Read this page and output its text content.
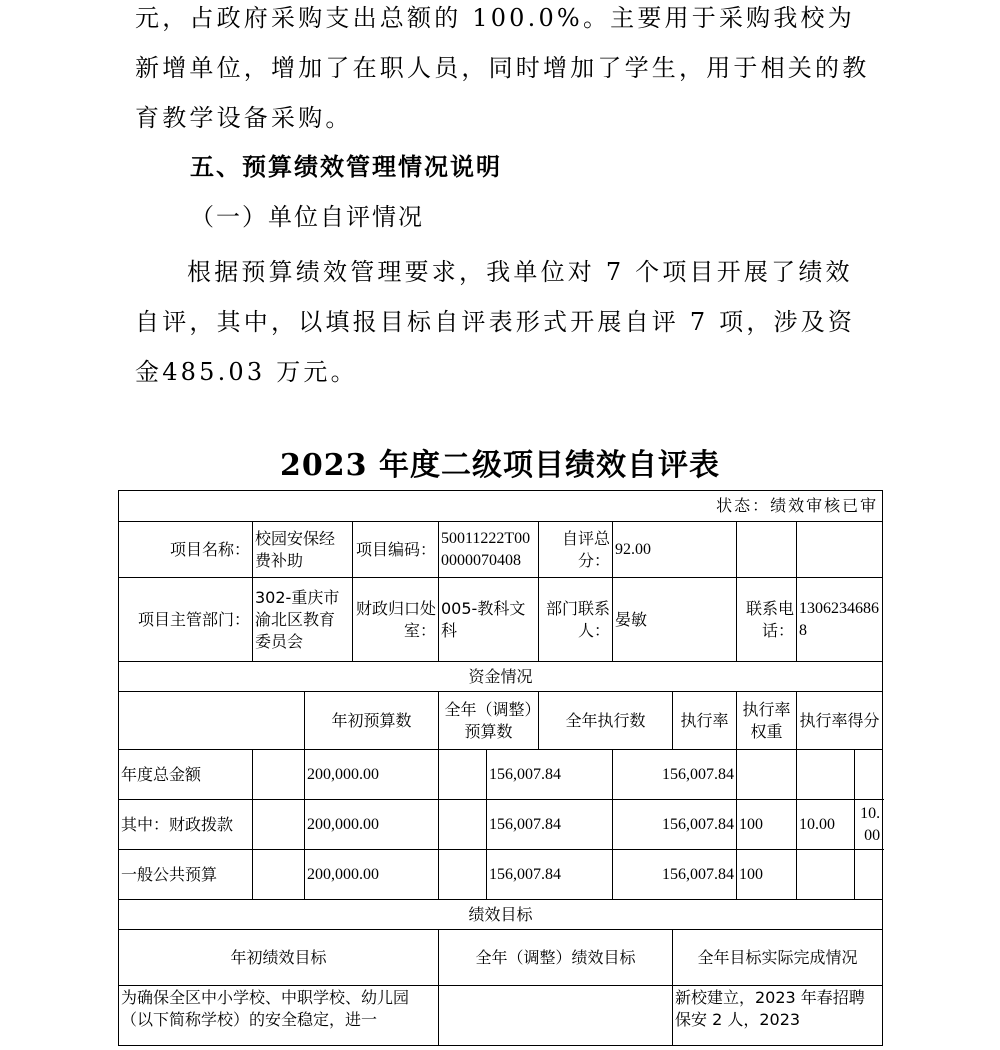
元，占政府采购支出总额的 100.0%。主要用于采购我校为新增单位，增加了在职人员，同时增加了学生，用于相关的教育教学设备采购。
五、预算绩效管理情况说明
（一）单位自评情况
根据预算绩效管理要求，我单位对 7 个项目开展了绩效自评，其中，以填报目标自评表形式开展自评 7 项，涉及资金485.03 万元。
2023 年度二级项目绩效自评表
状态：绩效审核已审											
项目名称：	校园安保经费补助		项目编码：	50011222T000000070408		自评总分：	92.00				
项目主管部门：	302-重庆市渝北区教育委员会		财政归口处室：	005-教科文科		部门联系人：	晏敏		联系电话：	13062346868	
资金情况											
		年初预算数		全年（调整）预算数		全年执行数		执行率	执行率权重	执行率得分	
年度总金额		200,000.00			156,007.84		156,007.84				
其中：财政拨款		200,000.00			156,007.84		156,007.84		100	10.00	10.00
一般公共预算		200,000.00			156,007.84		156,007.84		100		
绩效目标											
年初绩效目标				全年（调整）绩效目标				全年目标实际完成情况			
为确保全区中小学校、中职学校、幼儿园（以下简称学校）的安全稳定，进一								新校建立，2023 年春招聘保安 2 人，2023			
